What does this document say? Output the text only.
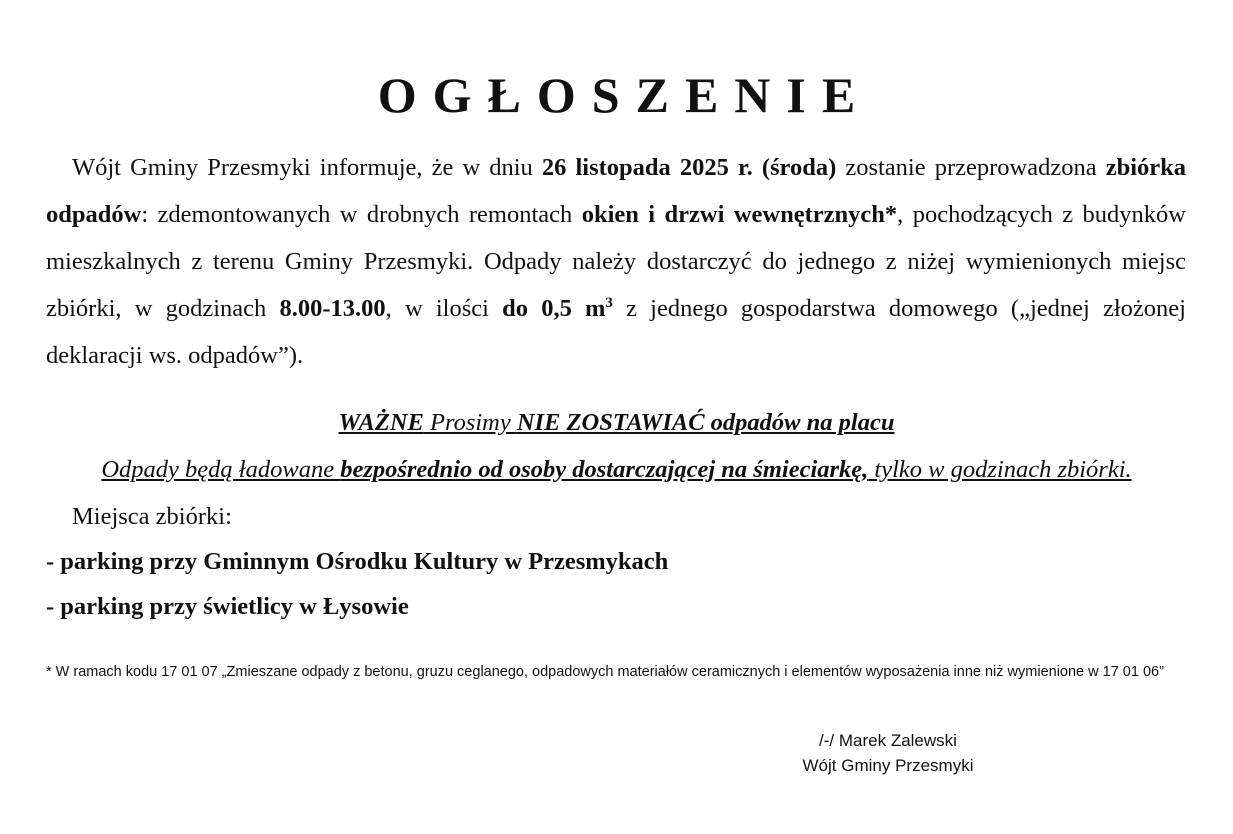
OGŁOSZENIE

Wójt Gminy Przesmyki informuje, że w dniu 26 listopada 2025 r. (środa) zostanie przeprowadzona zbiórka odpadów: zdemontowanych w drobnych remontach okien i drzwi wewnętrznych*, pochodzących z budynków mieszkalnych z terenu Gminy Przesmyki. Odpady należy dostarczyć do jednego z niżej wymienionych miejsc zbiórki, w godzinach 8.00-13.00, w ilości do 0,5 $m^3$ z jednego gospodarstwa domowego („jednej złożonej deklaracji ws. odpadów”).

WAŻNE Prosimy NIE ZOSTAWIAĆ odpadów na placu
Odpady będą ładowane bezpośrednio od osoby dostarczającej na śmieciarkę, tylko w godzinach zbiórki.
Miejsca zbiórki:
- parking przy Gminnym Ośrodku Kultury w Przesmykach
- parking przy świetlicy w Łysowie

* W ramach kodu 17 01 07 „Zmieszane odpady z betonu, gruzu ceglanego, odpadowych materiałów ceramicznych i elementów wyposażenia inne niż wymienione w 17 01 06”

/-/ Marek Zalewski
Wójt Gminy Przesmyki
